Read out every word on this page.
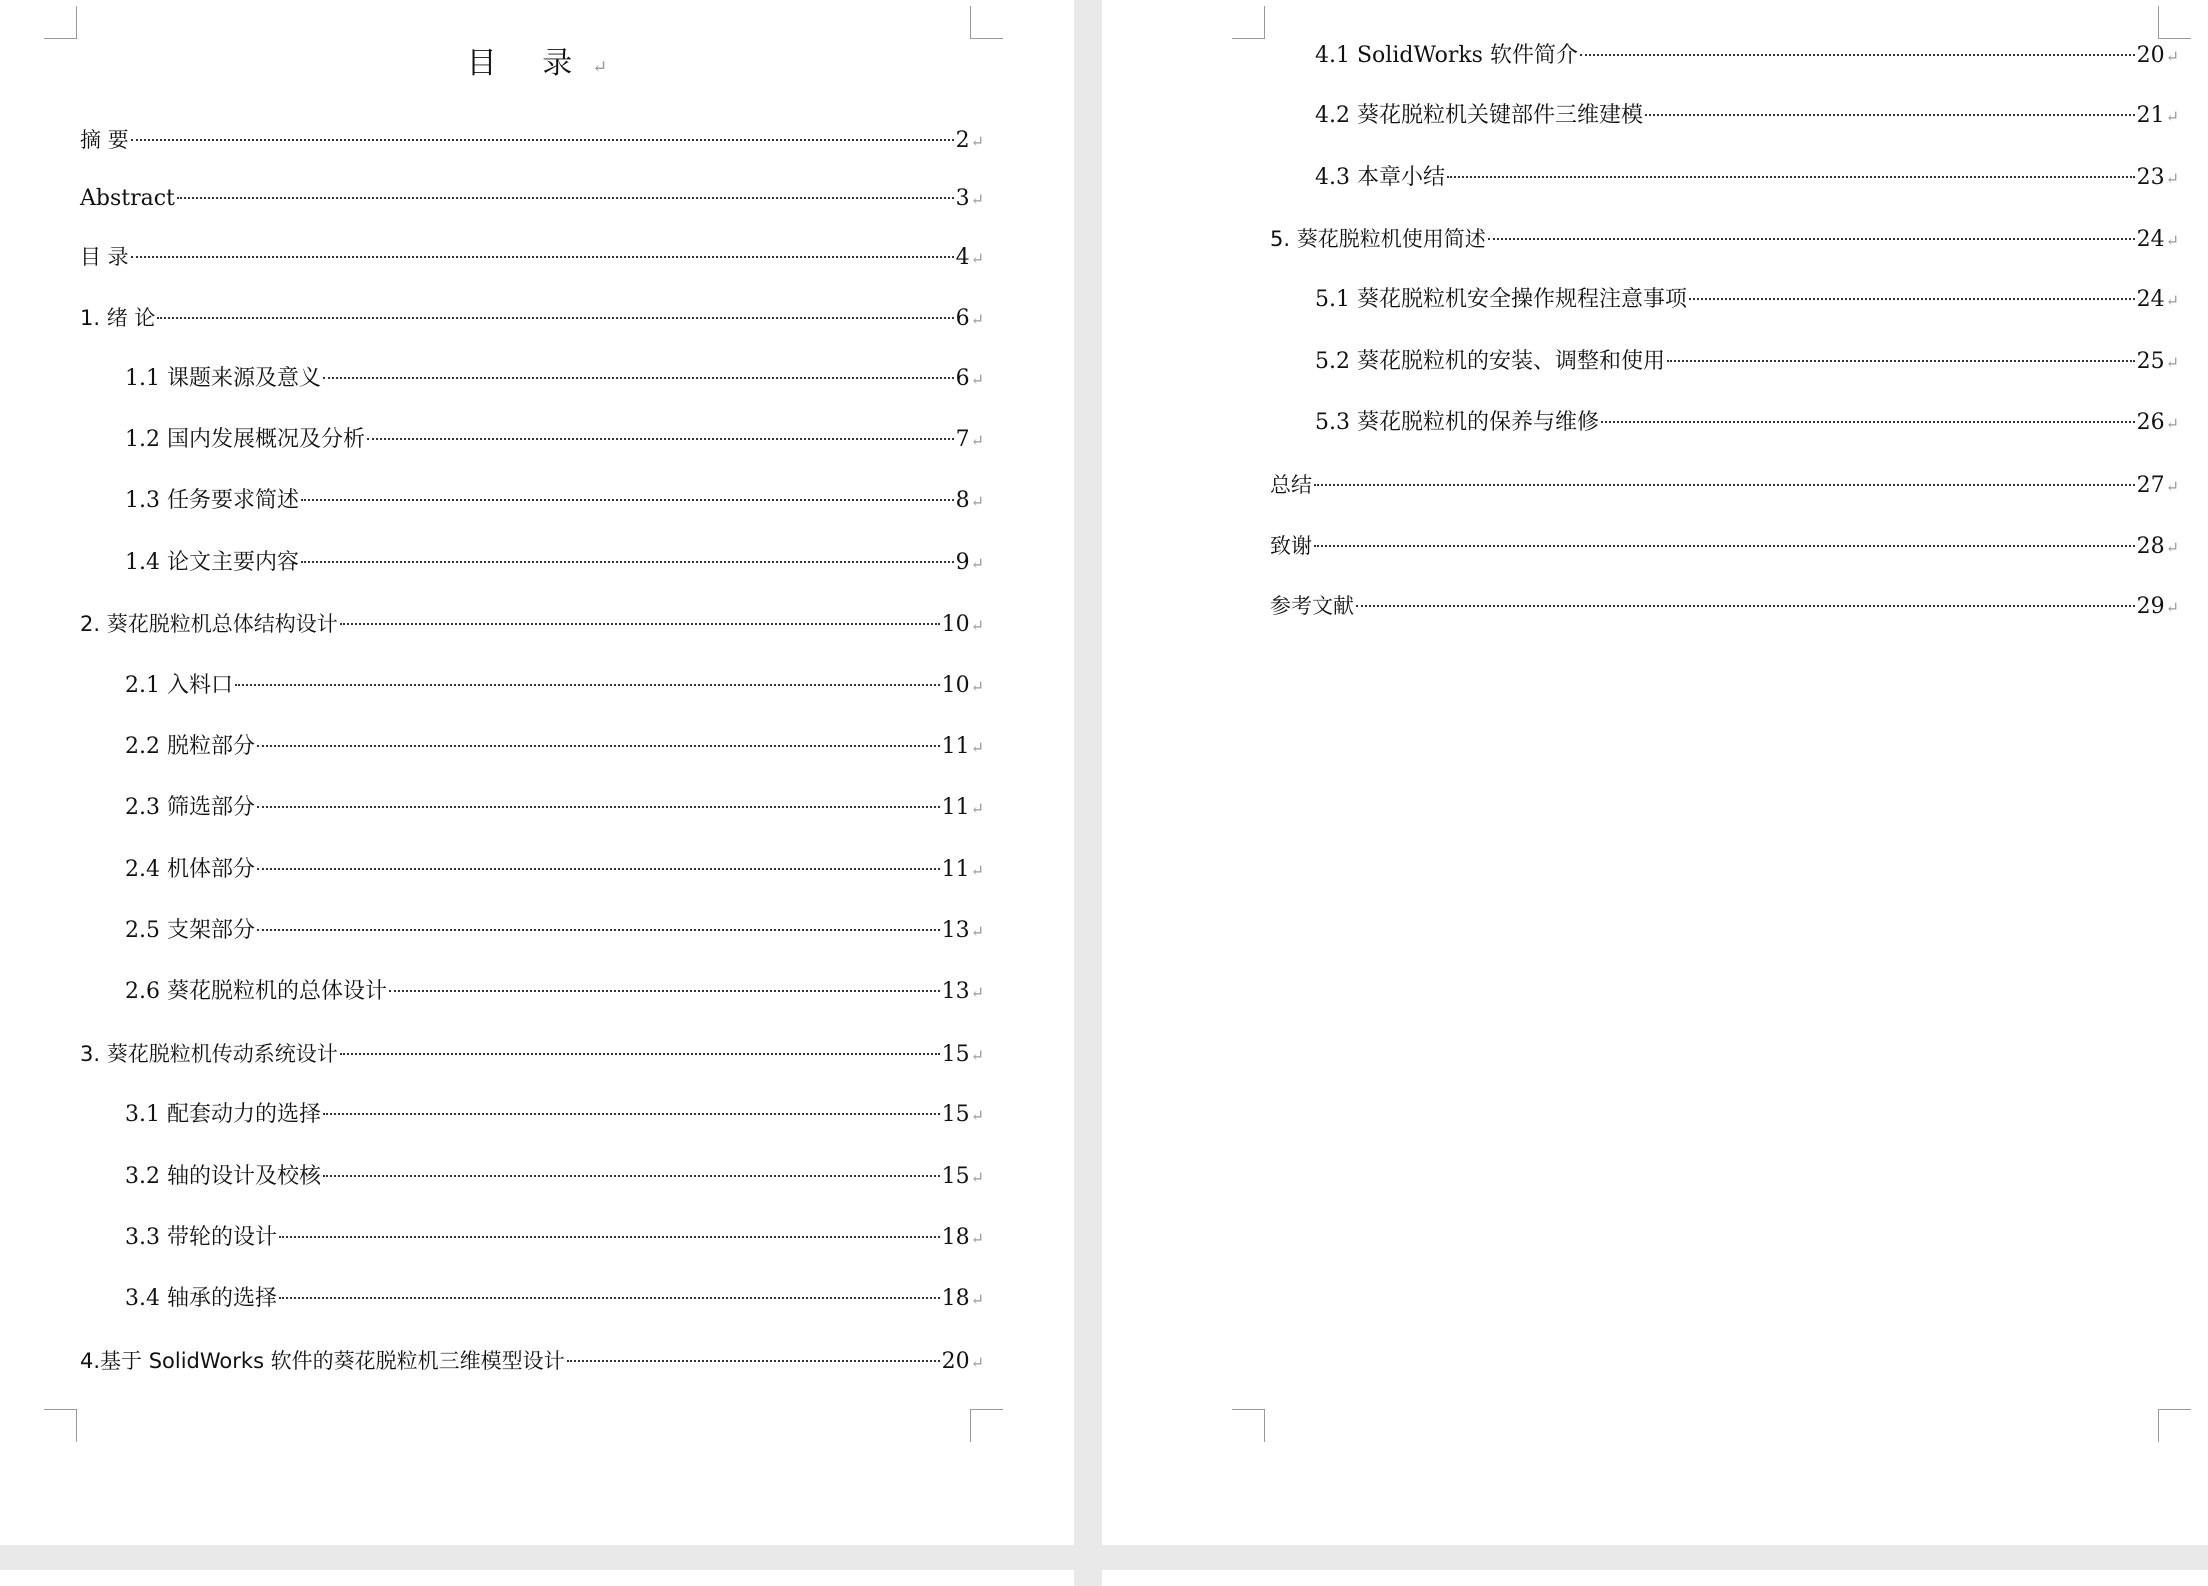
目 录 ↵
摘 要	2 ↵
Abstract	3 ↵
目 录	4 ↵
1. 绪 论	6 ↵
1.1 课题来源及意义	6 ↵
1.2 国内发展概况及分析	7 ↵
1.3 任务要求简述	8 ↵
1.4 论文主要内容	9 ↵
2. 葵花脱粒机总体结构设计	10 ↵
2.1 入料口	10 ↵
2.2 脱粒部分	11 ↵
2.3 筛选部分	11 ↵
2.4 机体部分	11 ↵
2.5 支架部分	13 ↵
2.6 葵花脱粒机的总体设计	13 ↵
3. 葵花脱粒机传动系统设计	15 ↵
3.1 配套动力的选择	15 ↵
3.2 轴的设计及校核	15 ↵
3.3 带轮的设计	18 ↵
3.4 轴承的选择	18 ↵
4.基于 SolidWorks 软件的葵花脱粒机三维模型设计	20 ↵
4.1 SolidWorks 软件简介	20 ↵
4.2 葵花脱粒机关键部件三维建模	21 ↵
4.3 本章小结	23 ↵
5. 葵花脱粒机使用简述	24 ↵
5.1 葵花脱粒机安全操作规程注意事项	24 ↵
5.2 葵花脱粒机的安装、调整和使用	25 ↵
5.3 葵花脱粒机的保养与维修	26 ↵
总结	27 ↵
致谢	28 ↵
参考文献	29 ↵
